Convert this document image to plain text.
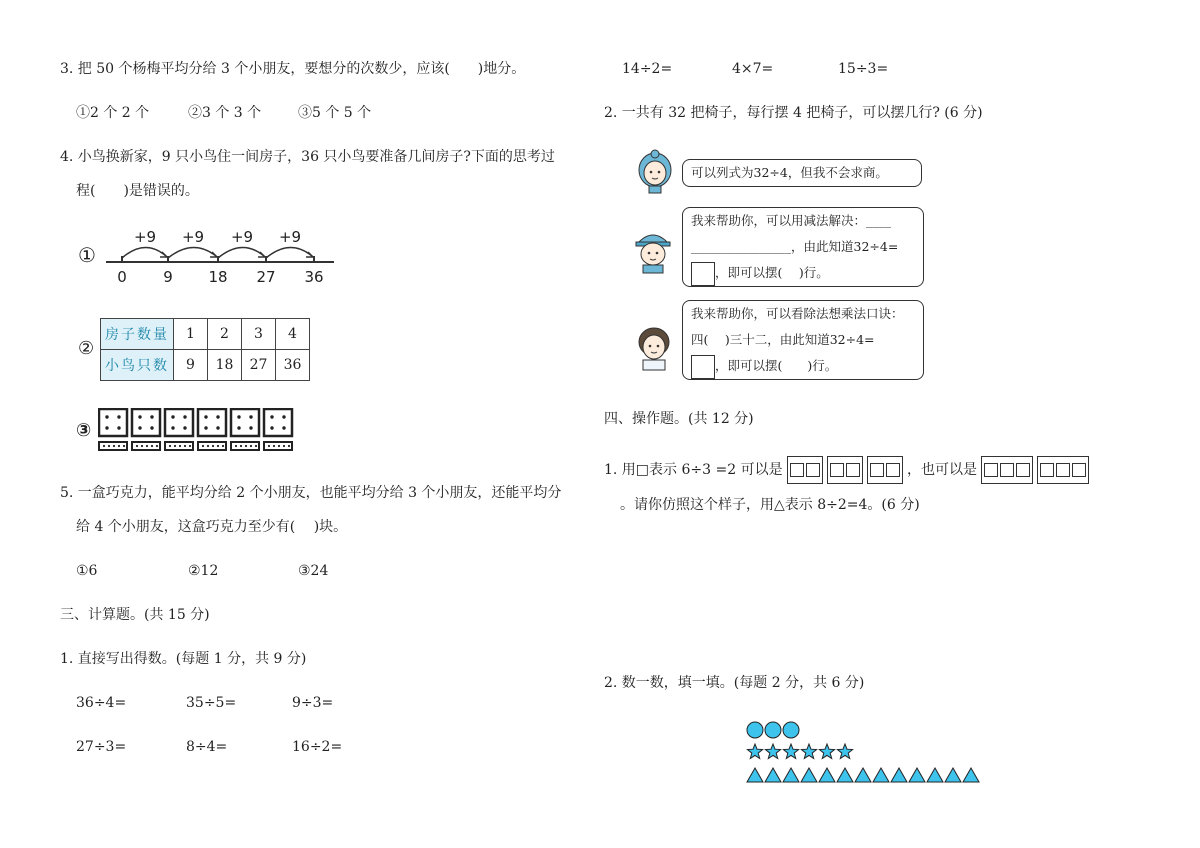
3. 把 50 个杨梅平均分给 3 个小朋友，要想分的次数少，应该(　　)地分。
①2 个 2 个	②3 个 3 个	③5 个 5 个
4. 小鸟换新家，9 只小鸟住一间房子，36 只小鸟要准备几间房子?下面的思考过
程(　　)是错误的。
①
+9 +9 +9 +9
0 9 18 27 36
②
房子数量	1	2	3	4
小鸟只数	9	18	27	36
③
5. 一盒巧克力，能平均分给 2 个小朋友，也能平均分给 3 个小朋友，还能平均分
给 4 个小朋友，这盒巧克力至少有(　 )块。
①6	②12	③24
三、计算题。(共 15 分)
1. 直接写出得数。(每题 1 分，共 9 分)
36÷4=	35÷5=	9÷3=
27÷3=	8÷4=	16÷2=
14÷2=	4×7=	15÷3=
2. 一共有 32 把椅子，每行摆 4 把椅子，可以摆几行? (6 分)
可以列式为32÷4，但我不会求商。
我来帮助你，可以用减法解决：____
________________，由此知道32÷4=
，即可以摆(　 )行。
我来帮助你，可以看除法想乘法口诀：
四(　 )三十二，由此知道32÷4=
，即可以摆(　　)行。
四、操作题。(共 12 分)
1. 用□表示 6÷3 =2 可以是	，也可以是
。请你仿照这个样子，用△表示 8÷2=4。(6 分)
2. 数一数，填一填。(每题 2 分，共 6 分)
